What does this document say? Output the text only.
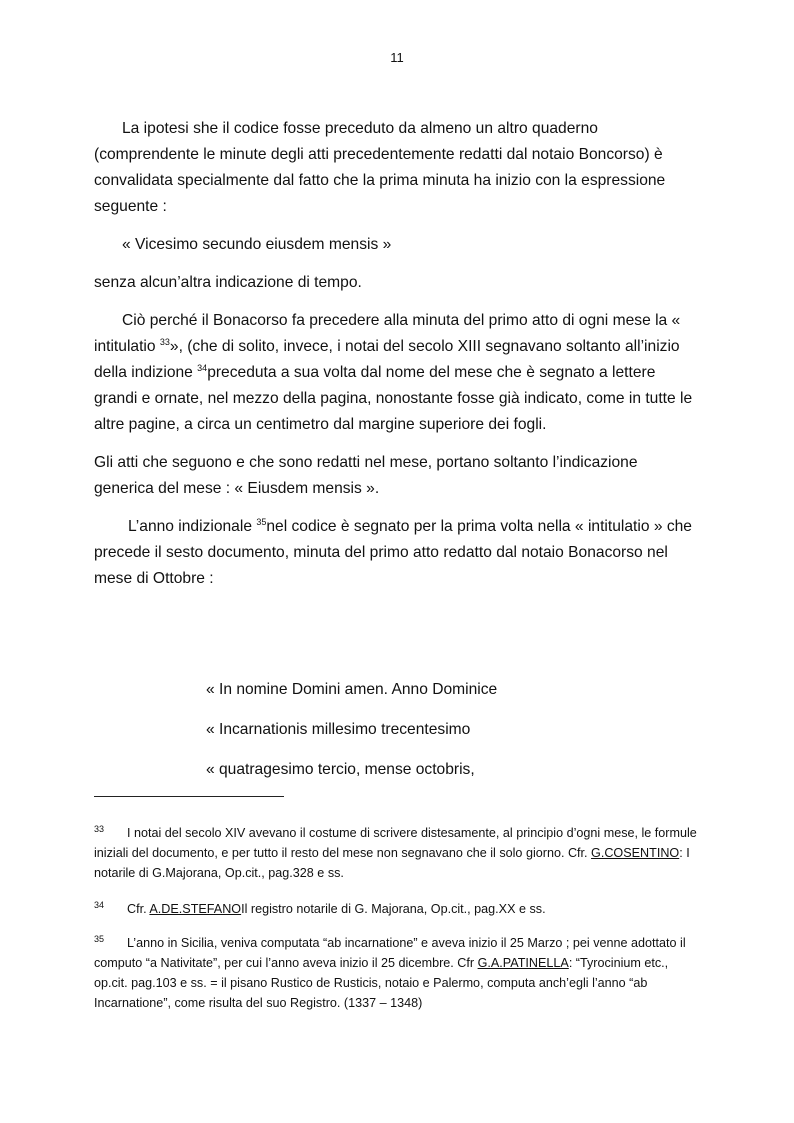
11

La ipotesi she il codice fosse preceduto da almeno un altro quaderno (comprendente le minute degli atti precedentemente redatti dal notaio Boncorso) è convalidata specialmente dal fatto che la prima minuta ha inizio con la espressione seguente :

« Vicesimo secundo eiusdem mensis »

senza alcun’altra indicazione di tempo.

Ciò perché il Bonacorso fa precedere alla minuta del primo atto di ogni mese la « intitulatio $^{33}$», (che di solito, invece, i notai del secolo XIII segnavano soltanto all’inizio della indizione $^{34}$preceduta a sua volta dal nome del mese che è segnato a lettere grandi e ornate, nel mezzo della pagina, nonostante fosse già indicato, come in tutte le altre pagine, a circa un centimetro dal margine superiore dei fogli.

Gli atti che seguono e che sono redatti nel mese, portano soltanto l’indicazione generica del mese : « Eiusdem mensis ».

L’anno indizionale $^{35}$nel codice è segnato per la prima volta nella « intitulatio » che precede il sesto documento, minuta del primo atto redatto dal notaio Bonacorso nel mese di Ottobre :

« In nomine Domini amen. Anno Dominice
« Incarnationis millesimo trecentesimo
« quatragesimo tercio, mense octobris,
33 I notai del secolo XIV avevano il costume di scrivere distesamente, al principio d’ogni mese, le formule iniziali del documento, e per tutto il resto del mese non segnavano che il solo giorno. Cfr. G.COSENTINO: I notarile di G.Majorana, Op.cit., pag.328 e ss.
34 Cfr. A.DE.STEFANOIl registro notarile di G. Majorana, Op.cit., pag.XX e ss.
35 L’anno in Sicilia, veniva computata “ab incarnatione” e aveva inizio il 25 Marzo ; pei venne adottato il computo “a Nativitate”, per cui l’anno aveva inizio il 25 dicembre. Cfr G.A.PATINELLA: “Tyrocinium etc., op.cit. pag.103 e ss. = il pisano Rustico de Rusticis, notaio e Palermo, computa anch’egli l’anno “ab Incarnatione”, come risulta del suo Registro. (1337 – 1348)
